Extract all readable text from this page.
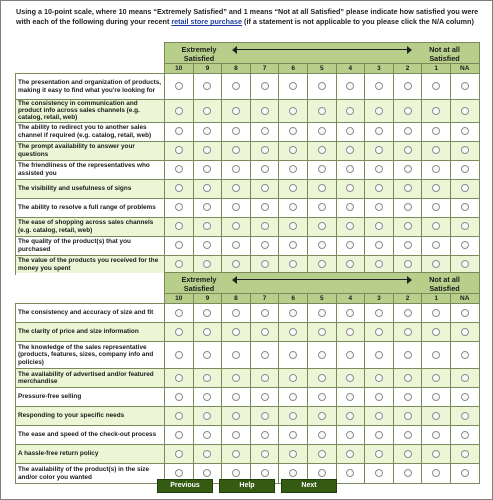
Using a 10-point scale, where 10 means “Extremely Satisfied” and 1 means “Not at all Satisfied” please indicate how satisfied you were with each of the following during your recent retail store purchase (if a statement is not applicable to you please click the N/A column)

	Extremely Satisfied
Not at all Satisfied										

	10	9	8	7	6	5	4	3	2	1	NA
The presentation and organization of products, making it easy to find what you're looking for											
The consistency in communication and product info across sales channels (e.g. catalog, retail, web)											
The ability to redirect you to another sales channel if required (e.g. catalog, retail, web)											
The prompt availability to answer your questions											
The friendliness of the representatives who assisted you											
The visibility and usefulness of signs											
The ability to resolve a full range of problems											
The ease of shopping across sales channels (e.g. catalog, retail, web)											
The quality of the product(s) that you purchased											
The value of the products you received for the money you spent											

	Extremely Satisfied
Not at all Satisfied										

	10	9	8	7	6	5	4	3	2	1	NA
The consistency and accuracy of size and fit											
The clarity of price and size information											
The knowledge of the sales representative (products, features, sizes, company info and policies)											
The availability of advertised and/or featured merchandise											
Pressure-free selling											
Responding to your specific needs											
The ease and speed of the check-out process											
A hassle-free return policy											
The availability of the product(s) in the size and/or color you wanted											
Previous	Help	Next
